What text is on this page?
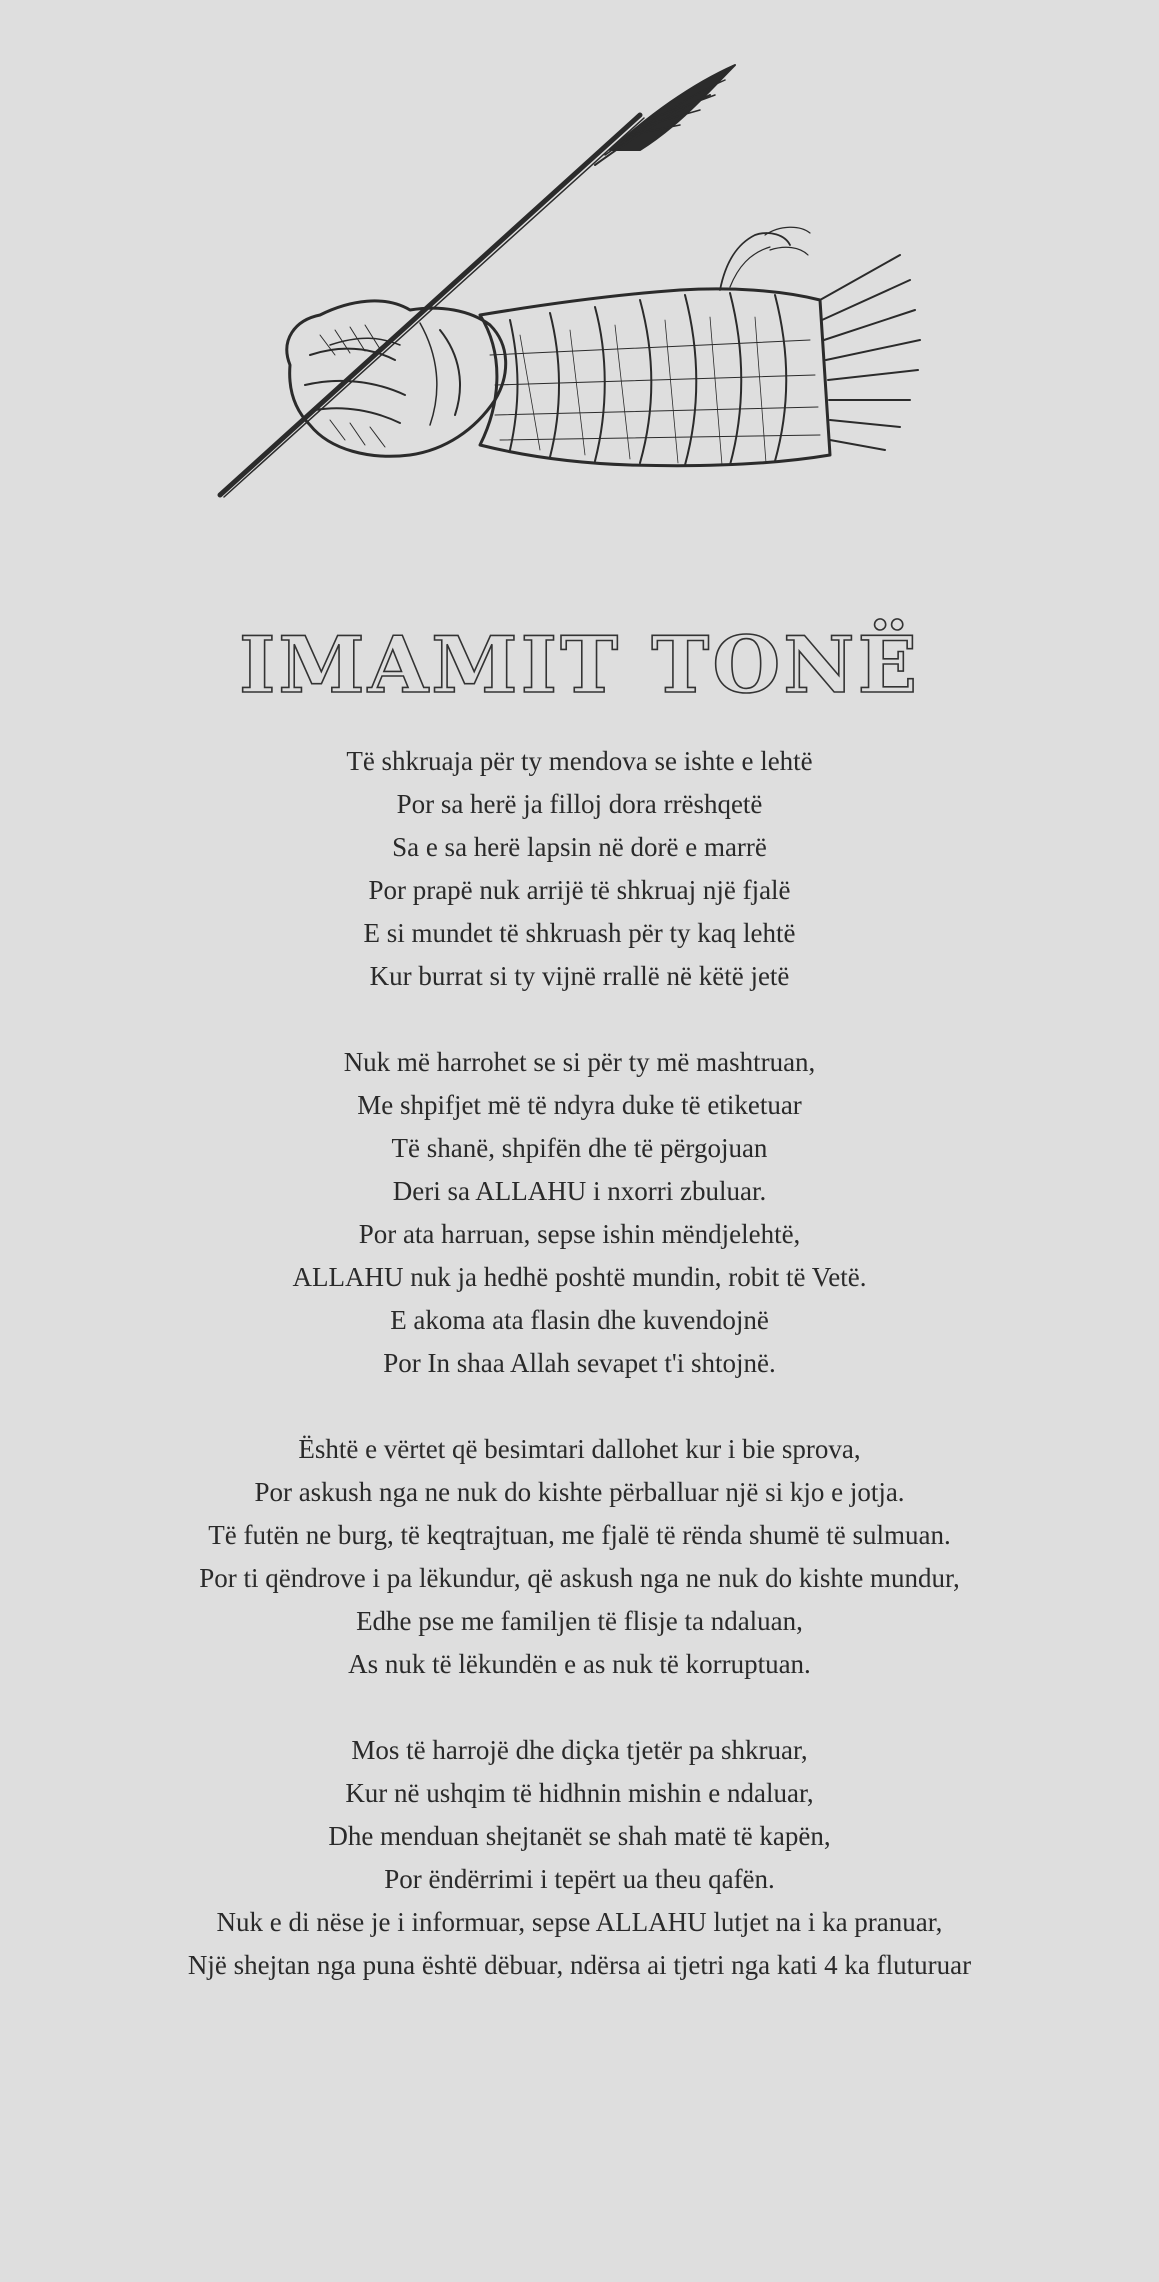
IMAMIT TONË
Të shkruaja për ty mendova se ishte e lehtë
Por sa herë ja filloj dora rrëshqetë
Sa e sa herë lapsin në dorë e marrë
Por prapë nuk arrijë të shkruaj një fjalë
E si mundet të shkruash për ty kaq lehtë
Kur burrat si ty vijnë rrallë në këtë jetë
Nuk më harrohet se si për ty më mashtruan,
Me shpifjet më të ndyra duke të etiketuar
Të shanë, shpifën dhe të përgojuan
Deri sa ALLAHU i nxorri zbuluar.
Por ata harruan, sepse ishin mëndjelehtë,
ALLAHU nuk ja hedhë poshtë mundin, robit të Vetë.
E akoma ata flasin dhe kuvendojnë
Por In shaa Allah sevapet t'i shtojnë.
Është e vërtet që besimtari dallohet kur i bie sprova,
Por askush nga ne nuk do kishte përballuar një si kjo e jotja.
Të futën ne burg, të keqtrajtuan, me fjalë të rënda shumë të sulmuan.
Por ti qëndrove i pa lëkundur, që askush nga ne nuk do kishte mundur,
Edhe pse me familjen të flisje ta ndaluan,
As nuk të lëkundën e as nuk të korruptuan.
Mos të harrojë dhe diçka tjetër pa shkruar,
Kur në ushqim të hidhnin mishin e ndaluar,
Dhe menduan shejtanët se shah matë të kapën,
Por ëndërrimi i tepërt ua theu qafën.
Nuk e di nëse je i informuar, sepse ALLAHU lutjet na i ka pranuar,
Një shejtan nga puna është dëbuar, ndërsa ai tjetri nga kati 4 ka fluturuar
